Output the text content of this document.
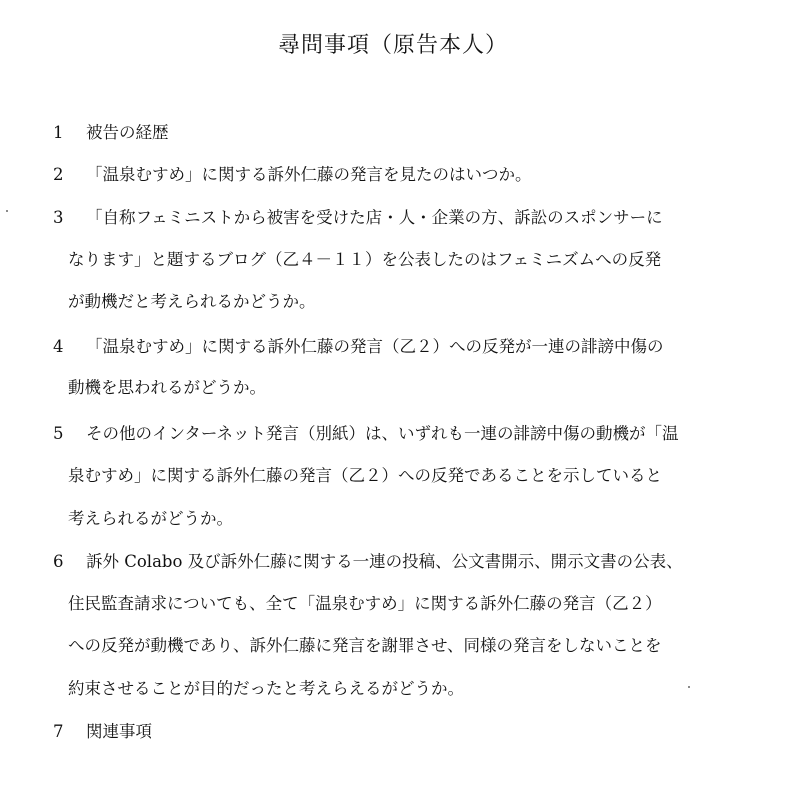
尋問事項（原告本人）
1 被告の経歴
2 「温泉むすめ」に関する訴外仁藤の発言を見たのはいつか。
3 「自称フェミニストから被害を受けた店・人・企業の方、訴訟のスポンサーに
なります」と題するブログ（乙４－１１）を公表したのはフェミニズムへの反発
が動機だと考えられるかどうか。
4 「温泉むすめ」に関する訴外仁藤の発言（乙２）への反発が一連の誹謗中傷の
動機を思われるがどうか。
5 その他のインターネット発言（別紙）は、いずれも一連の誹謗中傷の動機が「温
泉むすめ」に関する訴外仁藤の発言（乙２）への反発であることを示していると
考えられるがどうか。
6 訴外 Colabo 及び訴外仁藤に関する一連の投稿、公文書開示、開示文書の公表、
住民監査請求についても、全て「温泉むすめ」に関する訴外仁藤の発言（乙２）
への反発が動機であり、訴外仁藤に発言を謝罪させ、同様の発言をしないことを
約束させることが目的だったと考えらえるがどうか。
7 関連事項
